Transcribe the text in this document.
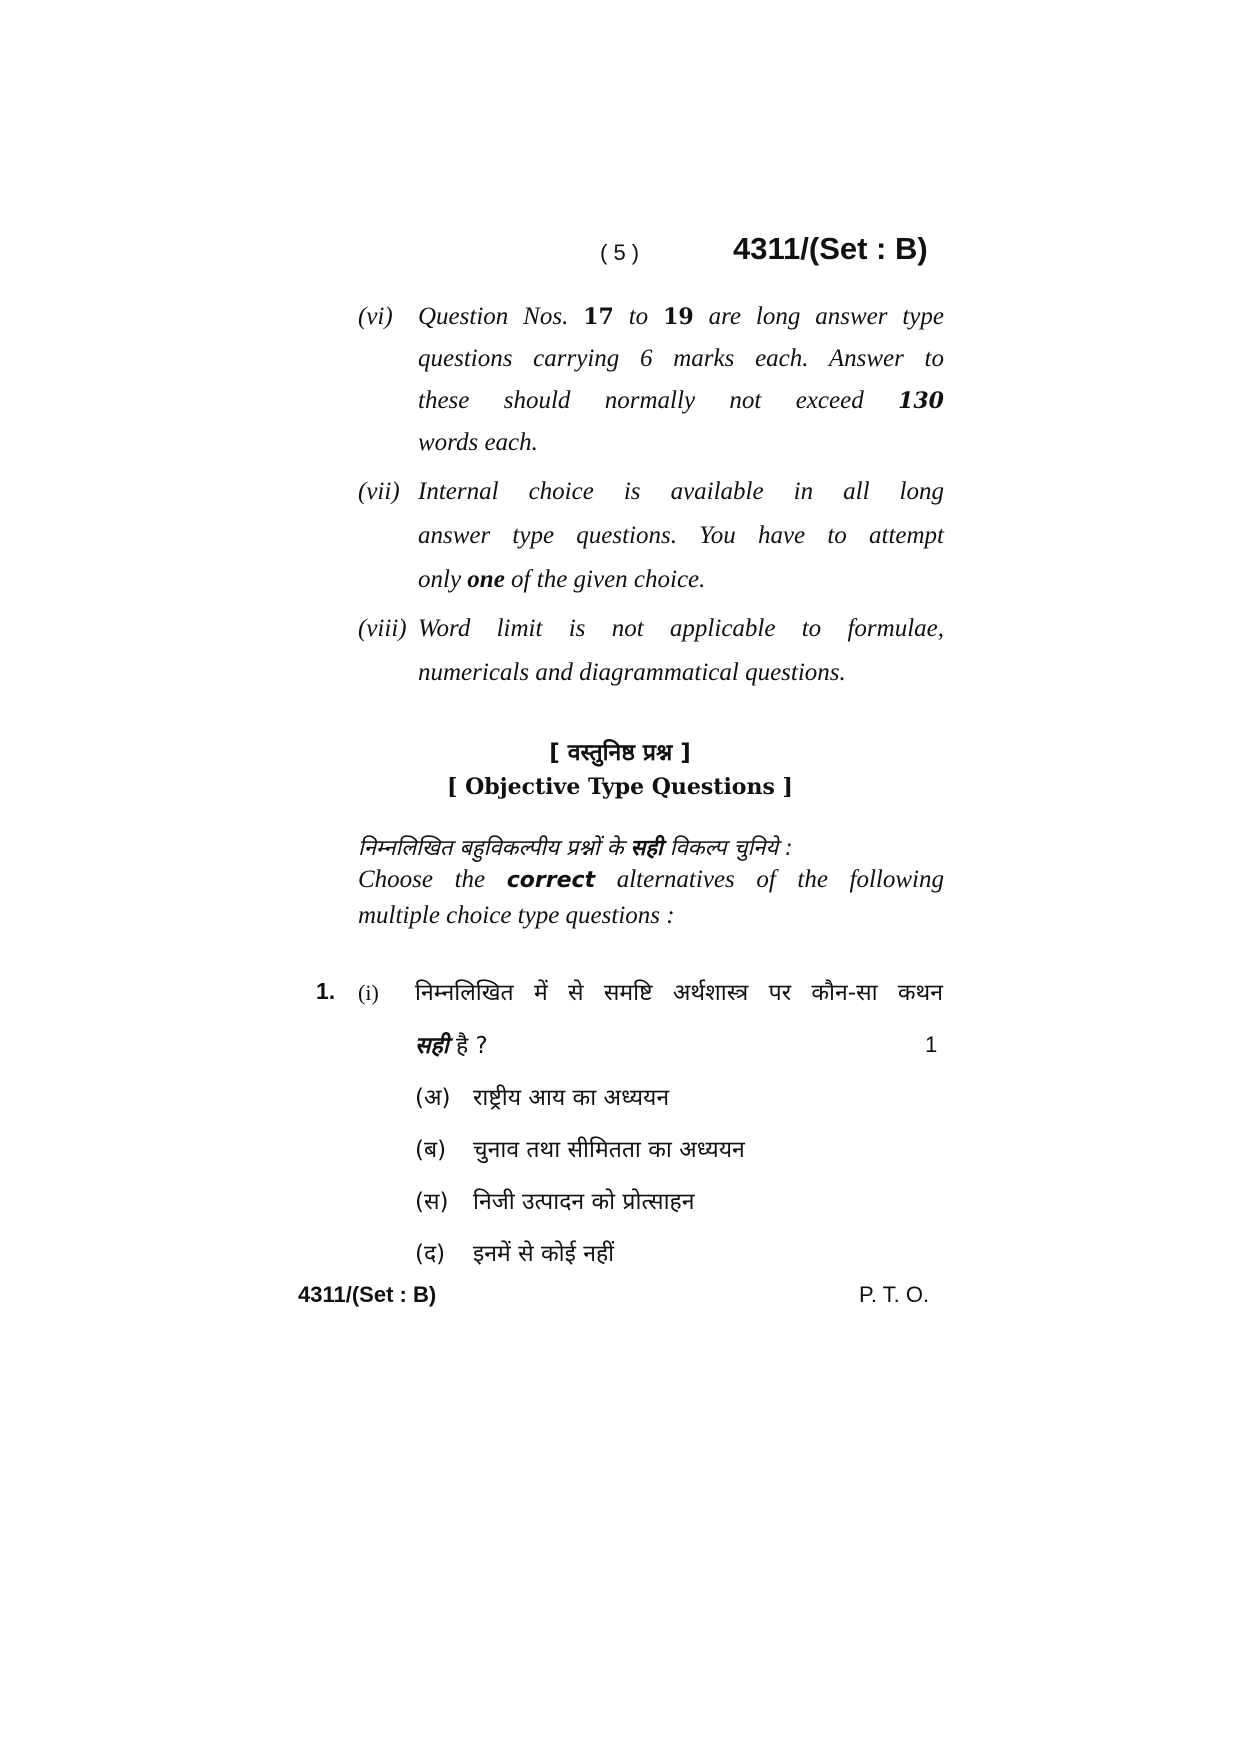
( 5 )	4311/(Set : B)
(vi) Question Nos. 17 to 19 are long answer type
questions carrying 6 marks each. Answer to
these should normally not exceed 130
words each.
(vii) Internal choice is available in all long
answer type questions. You have to attempt
only one of the given choice.
(viii) Word limit is not applicable to formulae,
numericals and diagrammatical questions.
[ वस्तुनिष्ठ प्रश्न ]
[ Objective Type Questions ]
निम्नलिखित बहुविकल्पीय प्रश्नों के सही विकल्प चुनिये :
Choose the correct alternatives of the following
multiple choice type questions :
1. (i) निम्नलिखित में से समष्टि अर्थशास्त्र पर कौन-सा कथन
सही है ?	1
(अ) राष्ट्रीय आय का अध्ययन
(ब) चुनाव तथा सीमितता का अध्ययन
(स) निजी उत्पादन को प्रोत्साहन
(द) इनमें से कोई नहीं
4311/(Set : B)	P. T. O.
